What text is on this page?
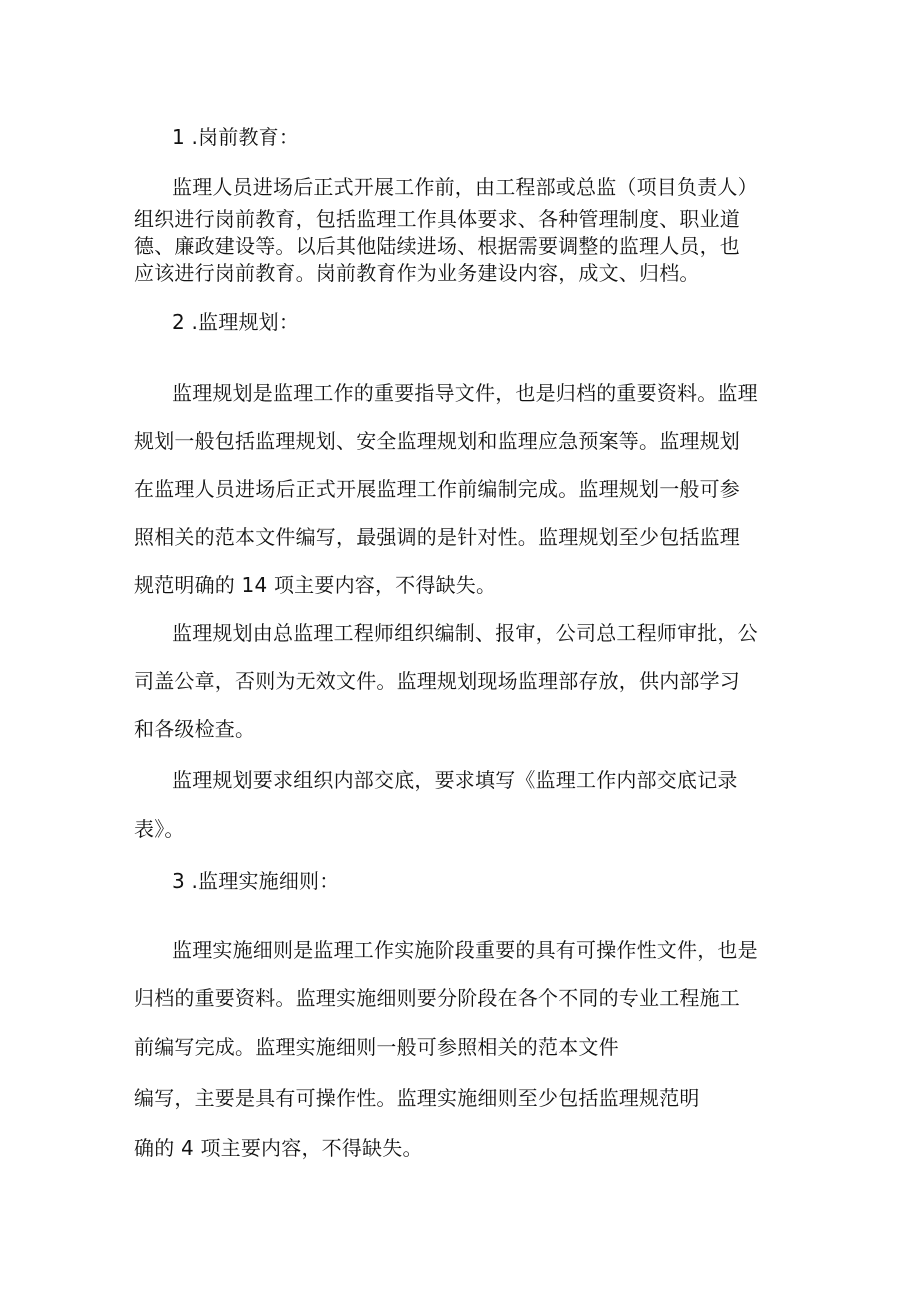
1 .岗前教育：
监理人员进场后正式开展工作前，由工程部或总监（项目负责人）
组织进行岗前教育，包括监理工作具体要求、各种管理制度、职业道
德、廉政建设等。以后其他陆续进场、根据需要调整的监理人员，也
应该进行岗前教育。岗前教育作为业务建设内容，成文、归档。
2 .监理规划：
监理规划是监理工作的重要指导文件，也是归档的重要资料。监理
规划一般包括监理规划、安全监理规划和监理应急预案等。监理规划
在监理人员进场后正式开展监理工作前编制完成。监理规划一般可参
照相关的范本文件编写，最强调的是针对性。监理规划至少包括监理
规范明确的 14 项主要内容，不得缺失。
监理规划由总监理工程师组织编制、报审，公司总工程师审批，公
司盖公章，否则为无效文件。监理规划现场监理部存放，供内部学习
和各级检查。
监理规划要求组织内部交底，要求填写《监理工作内部交底记录
表》。
3 .监理实施细则：
监理实施细则是监理工作实施阶段重要的具有可操作性文件，也是
归档的重要资料。监理实施细则要分阶段在各个不同的专业工程施工
前编写完成。监理实施细则一般可参照相关的范本文件
编写，主要是具有可操作性。监理实施细则至少包括监理规范明
确的 4 项主要内容，不得缺失。
